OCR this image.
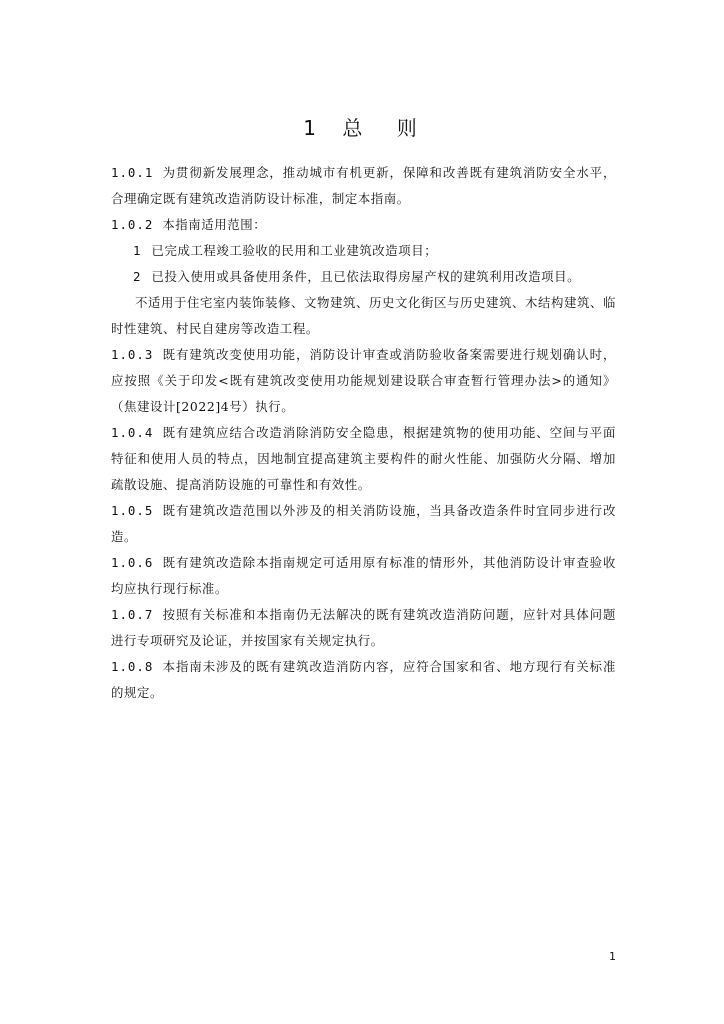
1 总 则

1.0.1 为贯彻新发展理念，推动城市有机更新，保障和改善既有建筑消防安全水平，合理确定既有建筑改造消防设计标准，制定本指南。

1.0.2 本指南适用范围：

1 已完成工程竣工验收的民用和工业建筑改造项目；

2 已投入使用或具备使用条件，且已依法取得房屋产权的建筑利用改造项目。

不适用于住宅室内装饰装修、文物建筑、历史文化街区与历史建筑、木结构建筑、临时性建筑、村民自建房等改造工程。

1.0.3 既有建筑改变使用功能，消防设计审查或消防验收备案需要进行规划确认时，应按照《关于印发<既有建筑改变使用功能规划建设联合审查暂行管理办法>的通知》（焦建设计[2022]4号）执行。

1.0.4 既有建筑应结合改造消除消防安全隐患，根据建筑物的使用功能、空间与平面特征和使用人员的特点，因地制宜提高建筑主要构件的耐火性能、加强防火分隔、增加疏散设施、提高消防设施的可靠性和有效性。

1.0.5 既有建筑改造范围以外涉及的相关消防设施，当具备改造条件时宜同步进行改造。

1.0.6 既有建筑改造除本指南规定可适用原有标准的情形外，其他消防设计审查验收均应执行现行标准。

1.0.7 按照有关标准和本指南仍无法解决的既有建筑改造消防问题，应针对具体问题进行专项研究及论证，并按国家有关规定执行。

1.0.8 本指南未涉及的既有建筑改造消防内容，应符合国家和省、地方现行有关标准的规定。

1
